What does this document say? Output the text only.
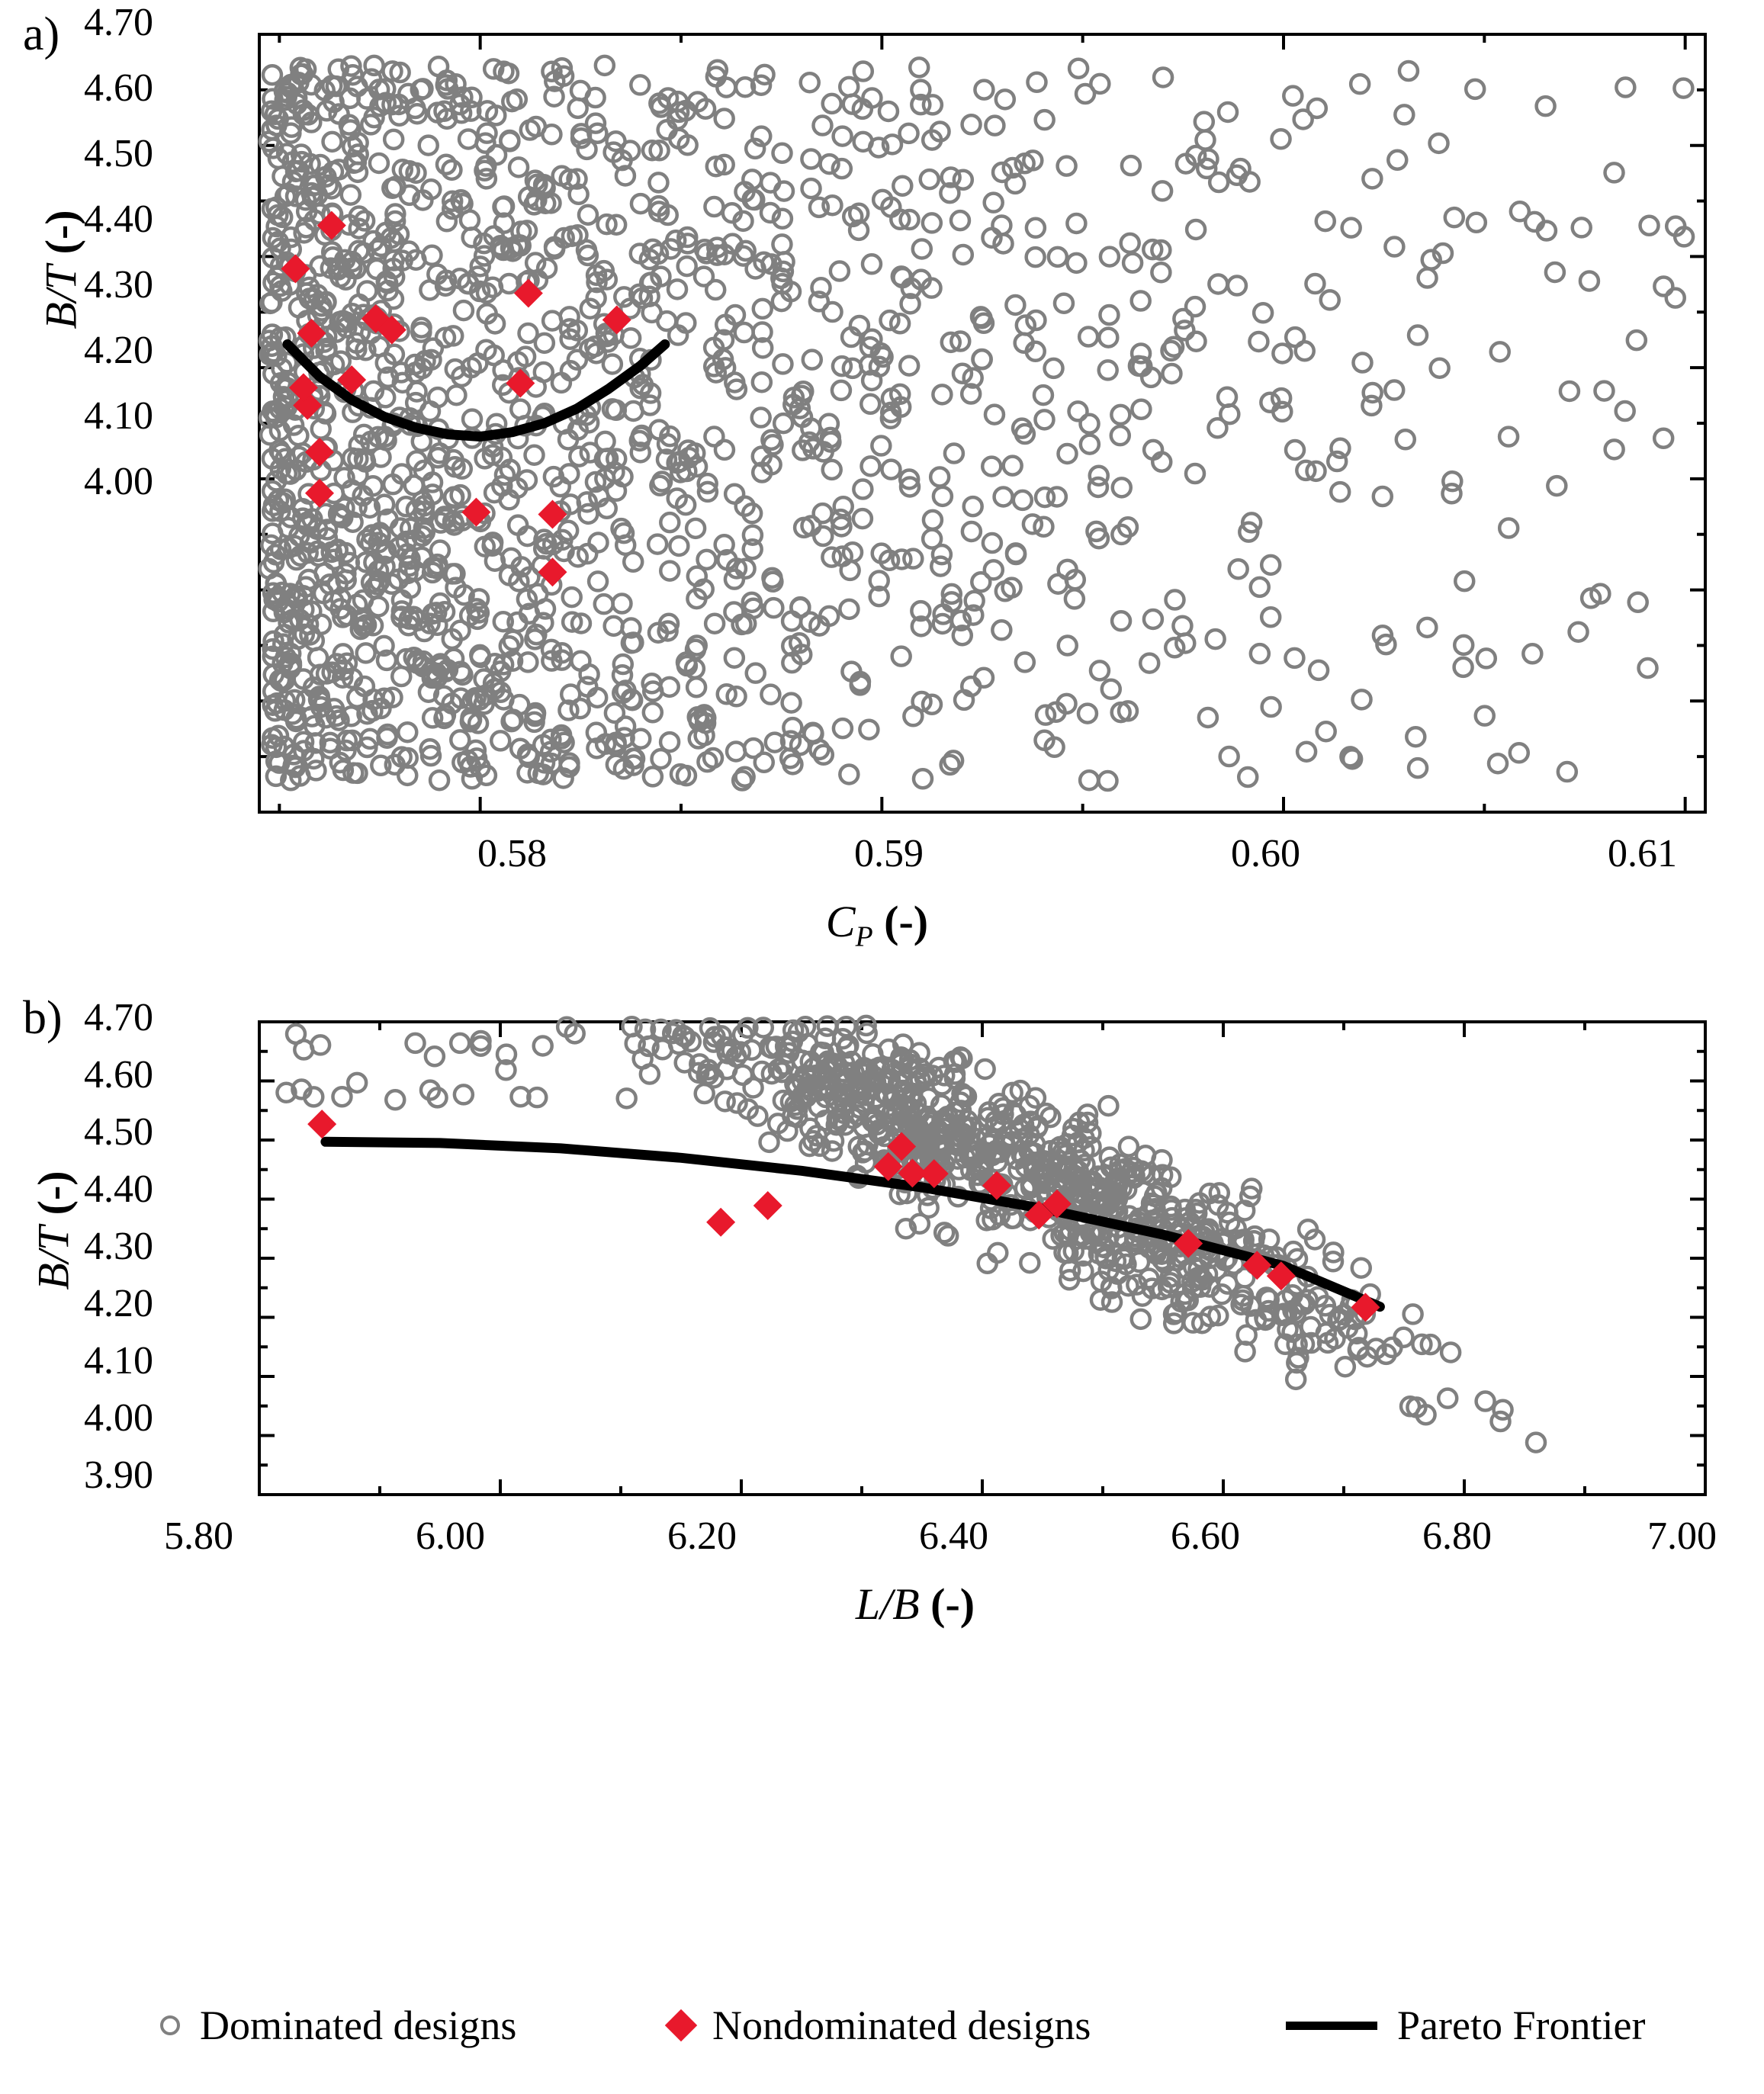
a) 4.70
4.60
4.50
4.40
4.30
4.20
4.10
4.00
0.58	0.59	0.60	0.61
B/T (-)
$C_P$ (-)
b) 4.70
4.60
4.50
4.40
4.30
4.20
4.10
4.00
3.90
5.80	6.00	6.20	6.40	6.60	6.80	7.00
B/T (-)
L/B (-)
Dominated designs	Nondominated designs	Pareto Frontier
